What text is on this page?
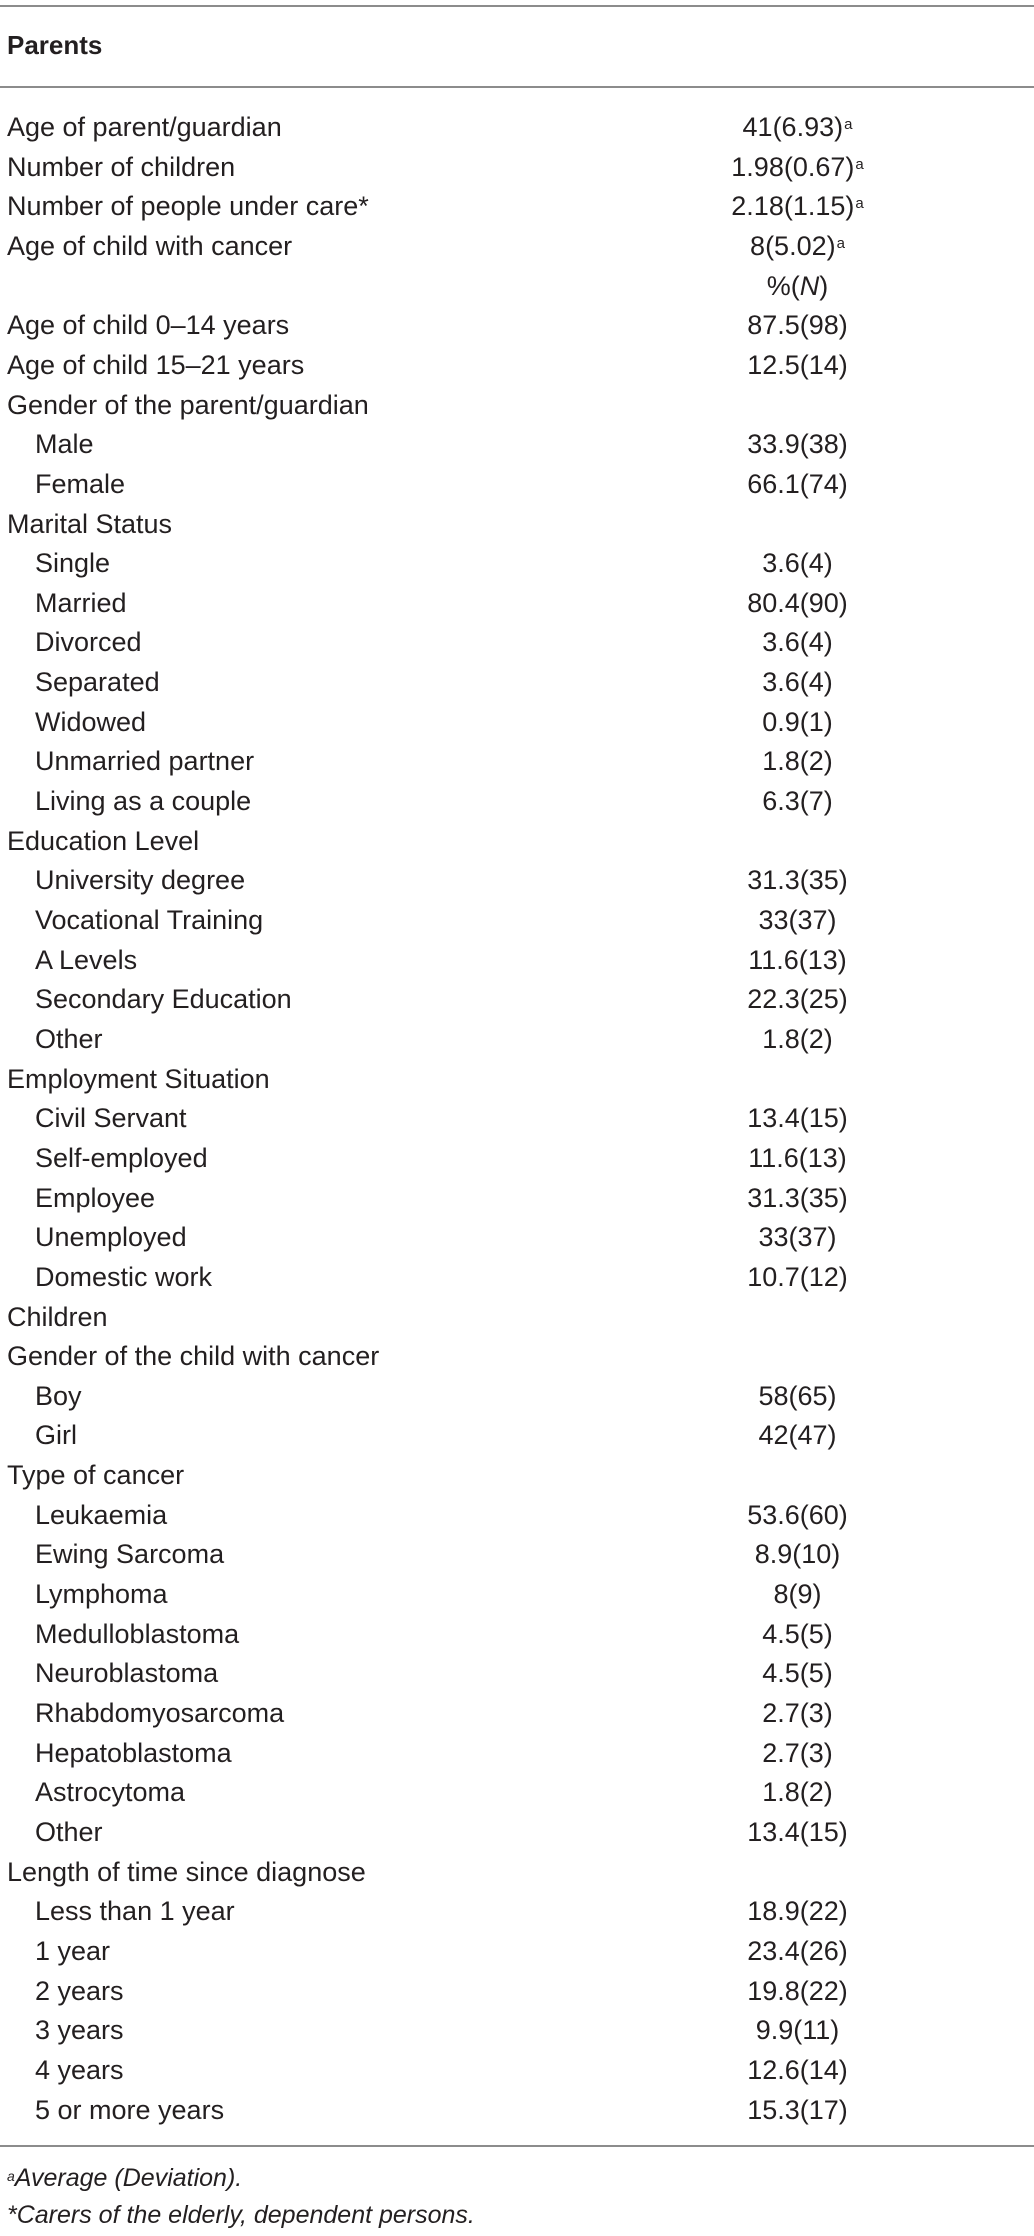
Parents
Age of parent/guardian	$41(6.93)^a$
Number of children	$1.98(0.67)^a$
Number of people under care*	$2.18(1.15)^a$
Age of child with cancer	$8(5.02)^a$
%(N)
Age of child 0–14 years	87.5(98)
Age of child 15–21 years	12.5(14)
Gender of the parent/guardian
Male	33.9(38)
Female	66.1(74)
Marital Status
Single	3.6(4)
Married	80.4(90)
Divorced	3.6(4)
Separated	3.6(4)
Widowed	0.9(1)
Unmarried partner	1.8(2)
Living as a couple	6.3(7)
Education Level
University degree	31.3(35)
Vocational Training	33(37)
A Levels	11.6(13)
Secondary Education	22.3(25)
Other	1.8(2)
Employment Situation
Civil Servant	13.4(15)
Self-employed	11.6(13)
Employee	31.3(35)
Unemployed	33(37)
Domestic work	10.7(12)
Children
Gender of the child with cancer
Boy	58(65)
Girl	42(47)
Type of cancer
Leukaemia	53.6(60)
Ewing Sarcoma	8.9(10)
Lymphoma	8(9)
Medulloblastoma	4.5(5)
Neuroblastoma	4.5(5)
Rhabdomyosarcoma	2.7(3)
Hepatoblastoma	2.7(3)
Astrocytoma	1.8(2)
Other	13.4(15)
Length of time since diagnose
Less than 1 year	18.9(22)
1 year	23.4(26)
2 years	19.8(22)
3 years	9.9(11)
4 years	12.6(14)
5 or more years	15.3(17)
$^a$Average (Deviation).
*Carers of the elderly, dependent persons.
